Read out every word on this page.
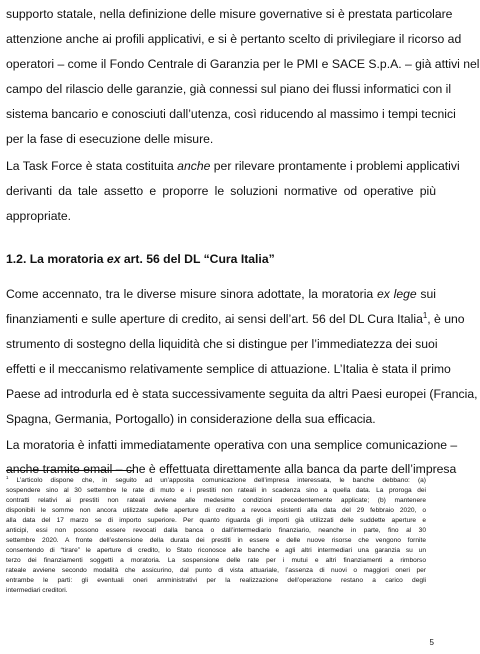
supporto statale, nella definizione delle misure governative si è prestata particolare
attenzione anche ai profili applicativi, e si è pertanto scelto di privilegiare il ricorso ad
operatori – come il Fondo Centrale di Garanzia per le PMI e SACE S.p.A. – già attivi nel
campo del rilascio delle garanzie, già connessi sul piano dei flussi informatici con il
sistema bancario e conosciuti dall’utenza, così riducendo al massimo i tempi tecnici
per la fase di esecuzione delle misure.
La Task Force è stata costituita anche per rilevare prontamente i problemi applicativi
derivanti da tale assetto e proporre le soluzioni normative od operative più
appropriate.
1.2. La moratoria ex art. 56 del DL “Cura Italia”
Come accennato, tra le diverse misure sinora adottate, la moratoria ex lege sui
finanziamenti e sulle aperture di credito, ai sensi dell’art. 56 del DL Cura Italia$^1$, è uno
strumento di sostegno della liquidità che si distingue per l’immediatezza dei suoi
effetti e il meccanismo relativamente semplice di attuazione. L’Italia è stata il primo
Paese ad introdurla ed è stata successivamente seguita da altri Paesi europei (Francia,
Spagna, Germania, Portogallo) in considerazione della sua efficacia.
La moratoria è infatti immediatamente operativa con una semplice comunicazione –
anche tramite email – che è effettuata direttamente alla banca da parte dell’impresa
$^1$ L’articolo dispone che, in seguito ad un’apposita comunicazione dell’impresa interessata, le banche debbano: (a)
sospendere sino al 30 settembre le rate di muto e i prestiti non rateali in scadenza sino a quella data. La proroga dei
contratti relativi ai prestiti non rateali avviene alle medesime condizioni precedentemente applicate; (b) mantenere
disponibili le somme non ancora utilizzate delle aperture di credito a revoca esistenti alla data del 29 febbraio 2020, o
alla data del 17 marzo se di importo superiore. Per quanto riguarda gli importi già utilizzati delle suddette aperture e
anticipi, essi non possono essere revocati dalla banca o dall’intermediario finanziario, neanche in parte, fino al 30
settembre 2020. A fronte dell’estensione della durata dei prestiti in essere e delle nuove risorse che vengono fornite
consentendo di “tirare” le aperture di credito, lo Stato riconosce alle banche e agli altri intermediari una garanzia su un
terzo dei finanziamenti soggetti a moratoria. La sospensione delle rate per i mutui e altri finanziamenti a rimborso
rateale avviene secondo modalità che assicurino, dal punto di vista attuariale, l’assenza di nuovi o maggiori oneri per
entrambe le parti: gli eventuali oneri amministrativi per la realizzazione dell’operazione restano a carico degli
intermediari creditori.
5
